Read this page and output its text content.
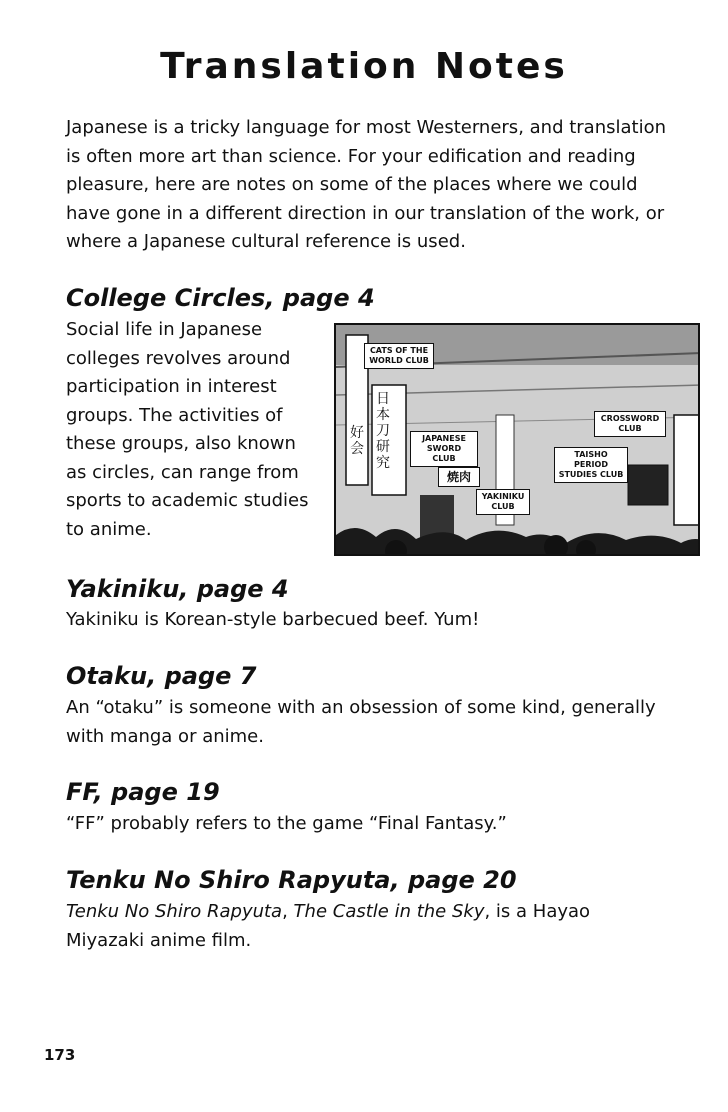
Translation Notes

Japanese is a tricky language for most Westerners, and translation is often more art than science. For your edification and reading pleasure, here are notes on some of the places where we could have gone in a different direction in our translation of the work, or where a Japanese cultural reference is used.

College Circles, page 4

Social life in Japanese colleges revolves around participation in interest groups. The activities of these groups, also known as circles, can range from sports to academic studies to anime.

CATS OF THE WORLD CLUB
JAPANESE SWORD CLUB
CROSSWORD CLUB
TAISHO PERIOD STUDIES CLUB
YAKINIKU CLUB
焼肉
日本刀研究
好会
Yakiniku, page 4

Yakiniku is Korean-style barbecued beef. Yum!

Otaku, page 7

An “otaku” is someone with an obsession of some kind, generally with manga or anime.

FF, page 19

“FF” probably refers to the game “Final Fantasy.”

Tenku No Shiro Rapyuta, page 20

Tenku No Shiro Rapyuta, The Castle in the Sky, is a Hayao Miyazaki anime film.

173
